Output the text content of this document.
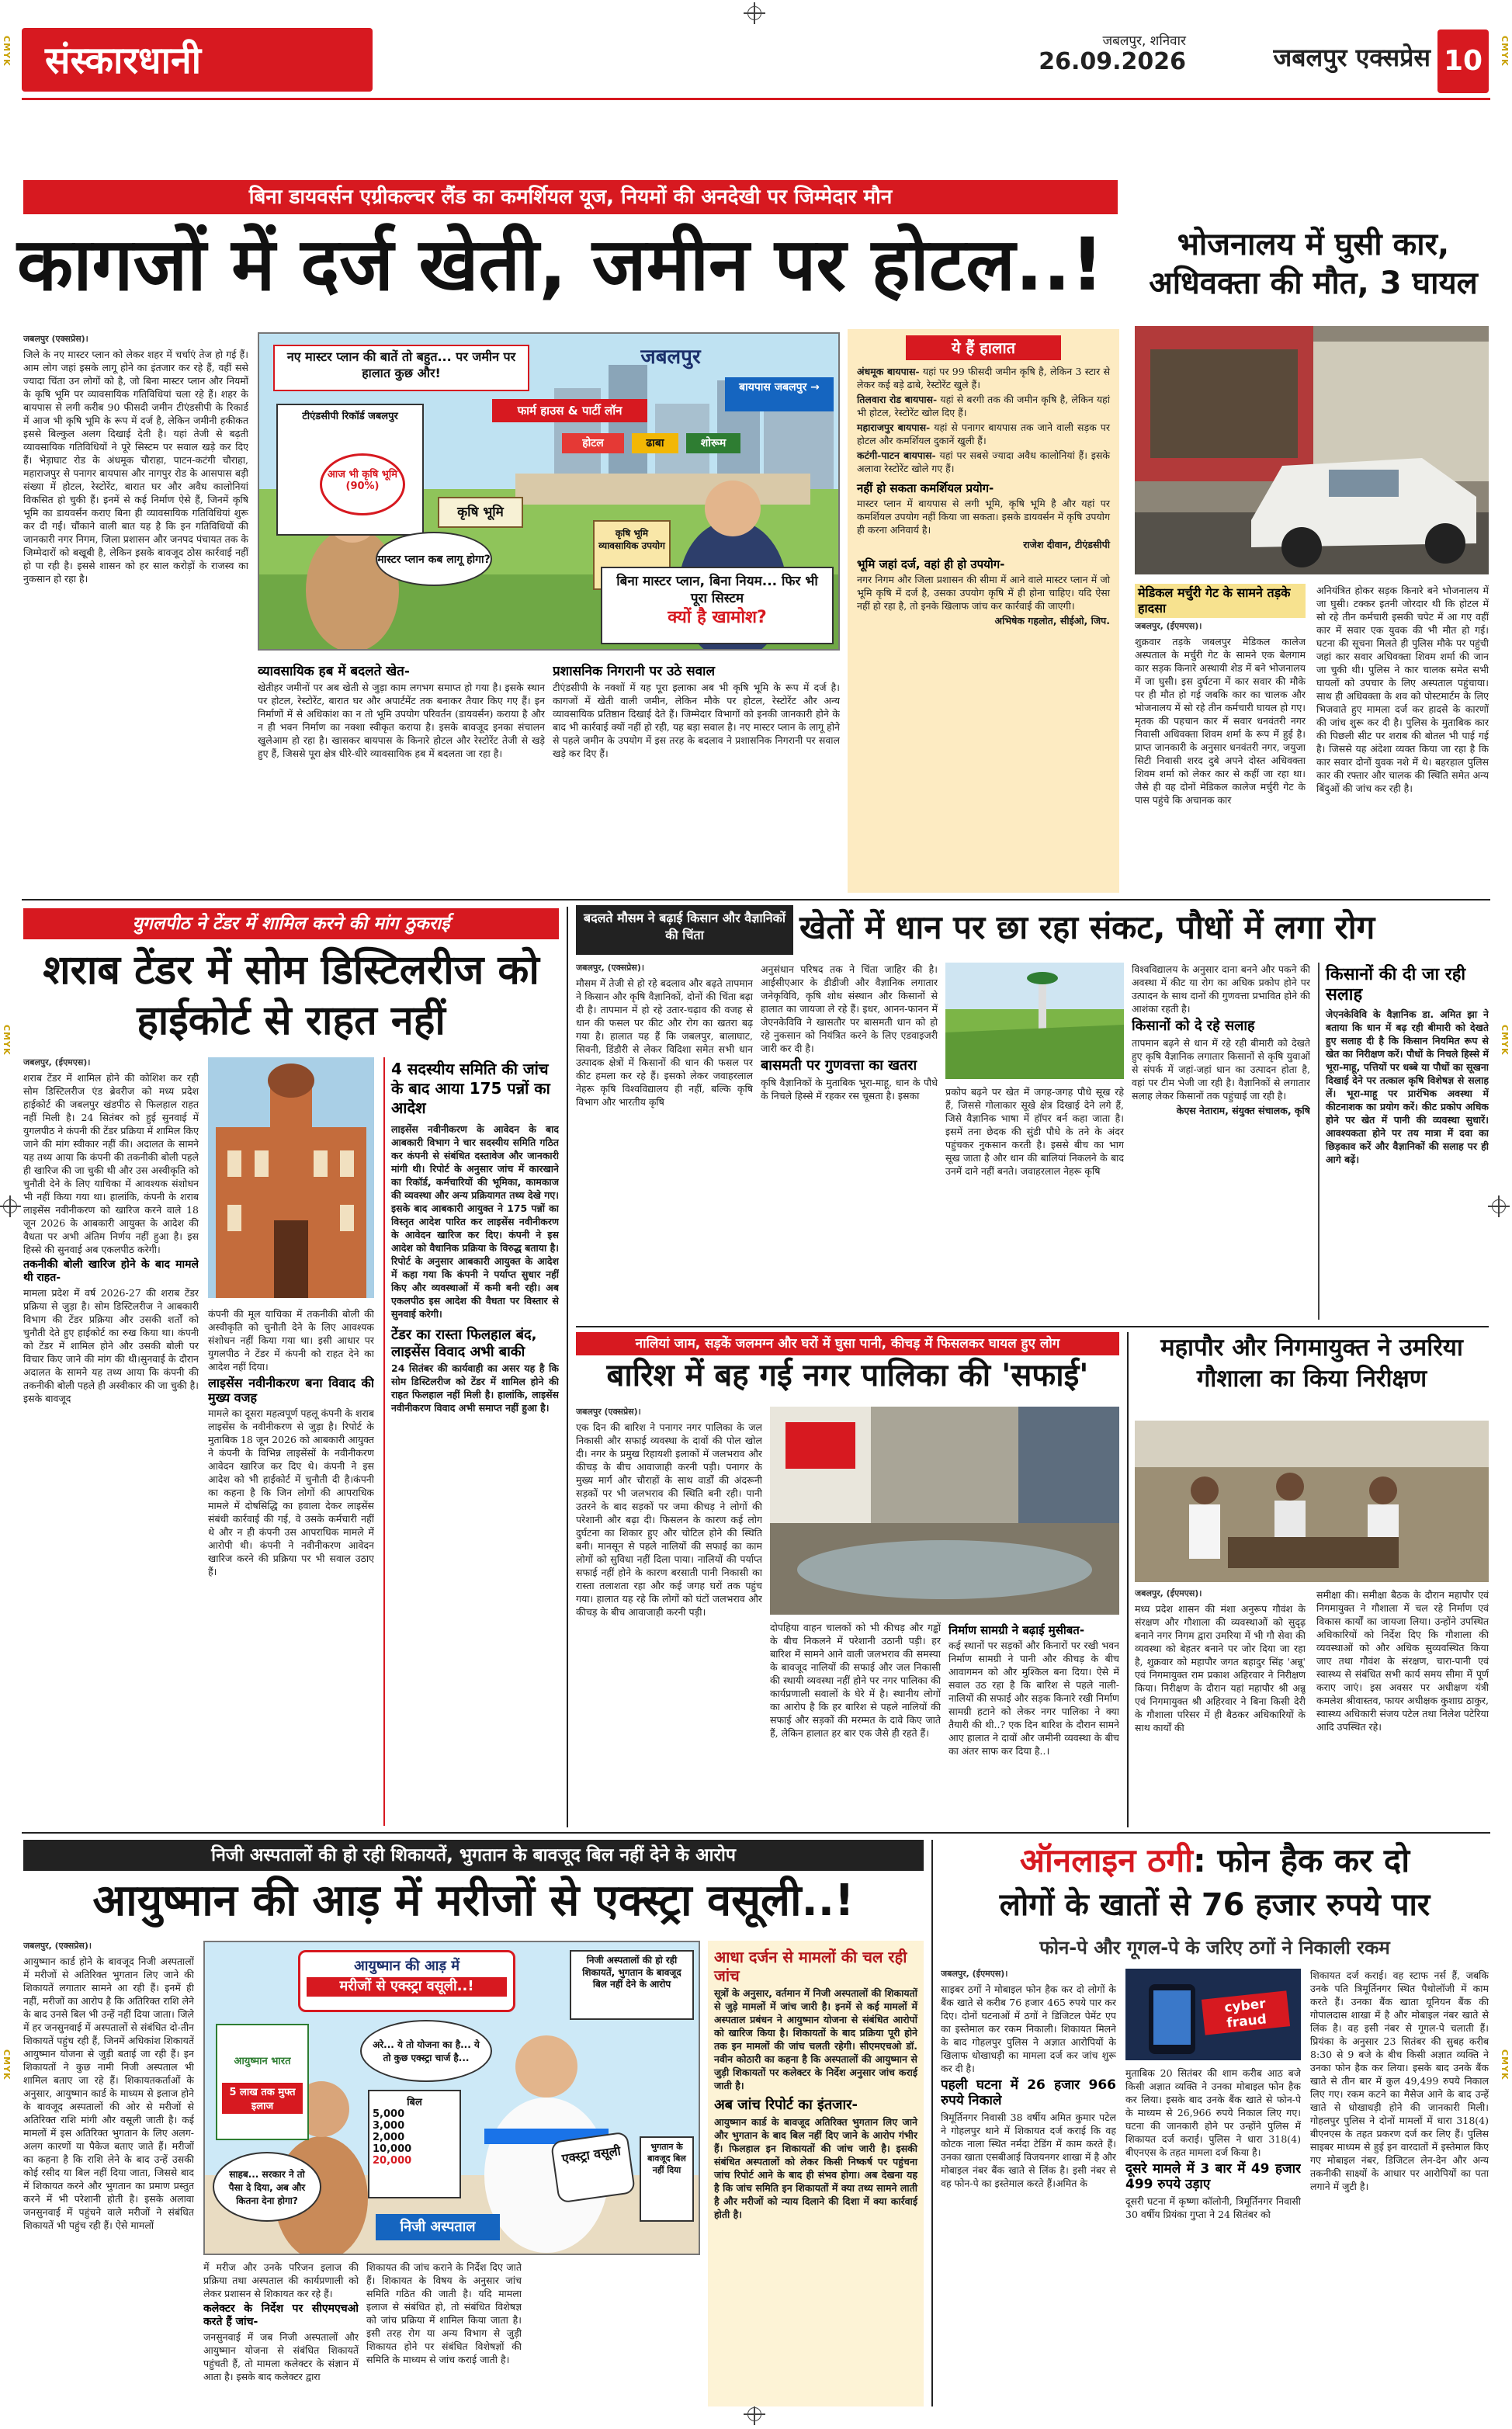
CMYK
CMYK
CMYK
CMYK
CMYK
CMYK
संस्कारधानी	जबलपुर, शनिवार
26.09.2026	जबलपुर एक्सप्रेस 10
बिना डायवर्सन एग्रीकल्चर लैंड का कमर्शियल यूज, नियमों की अनदेखी पर जिम्मेदार मौन
कागजों में दर्ज खेती, जमीन पर होटल..!
जबलपुर (एक्सप्रेस)।

जिले के नए मास्टर प्लान को लेकर शहर में चर्चाएं तेज हो गई हैं। आम लोग जहां इसके लागू होने का इंतजार कर रहे हैं, वहीं ससे ज्यादा चिंता उन लोगों को है, जो बिना मास्टर प्लान और नियमों के कृषि भूमि पर व्यावसायिक गतिविधियां चला रहे हैं। शहर के बायपास से लगी करीब 90 फीसदी जमीन टीएंडसीपी के रिकार्ड में आज भी कृषि भूमि के रूप में दर्ज है, लेकिन जमीनी हकीकत इससे बिल्कुल अलग दिखाई देती है। यहां तेजी से बढ़ती व्यावसायिक गतिविधियों ने पूरे सिस्टम पर सवाल खड़े कर दिए हैं। भेड़ाघाट रोड के अंधमूक चौराहा, पाटन-कटंगी चौराहा, महाराजपुर से पनागर बायपास और नागपुर रोड के आसपास बड़ी संख्या में होटल, रेस्टोरेंट, बारात घर और अवैध कालोनियां विकसित हो चुकी हैं। इनमें से कई निर्माण ऐसे हैं, जिनमें कृषि भूमि का डायवर्सन कराए बिना ही व्यावसायिक गतिविधियां शुरू कर दी गईं। चौंकाने वाली बात यह है कि इन गतिविधियों की जानकारी नगर निगम, जिला प्रशासन और जनपद पंचायत तक के जिम्मेदारों को बखूबी है, लेकिन इसके बावजूद ठोस कार्रवाई नहीं हो पा रही है। इससे शासन को हर साल करोड़ों के राजस्व का नुकसान हो रहा है।

नए मास्टर प्लान की बातें तो बहुत... पर जमीन पर हालात कुछ और!
जबलपुर
फार्म हाउस & पार्टी लॉन
होटल	ढाबा	शोरूम
बायपास जबलपुर →
टीएंडसीपी रिकॉर्ड जबलपुर
आज भी कृषि भूमि (90%)
कृषि भूमि
कृषि भूमि व्यावसायिक उपयोग
मास्टर प्लान कब लागू होगा?
बिना मास्टर प्लान, बिना नियम... फिर भी पूरा सिस्टम
क्यों है खामोश?
व्यावसायिक हब में बदलते खेत-

खेतीहर जमीनों पर अब खेती से जुड़ा काम लगभग समाप्त हो गया है। इसके स्थान पर होटल, रेस्टोरेंट, बारात घर और अपार्टमेंट तक बनाकर तैयार किए गए हैं। इन निर्माणों में से अधिकांश का न तो भूमि उपयोग परिवर्तन (डायवर्सन) कराया है और न ही भवन निर्माण का नक्शा स्वीकृत कराया है। इसके बावजूद इनका संचालन खुलेआम हो रहा है। खासकर बायपास के किनारे होटल और रेस्टोरेंट तेजी से खड़े हुए हैं, जिससे पूरा क्षेत्र धीरे-धीरे व्यावसायिक हब में बदलता जा रहा है।

प्रशासनिक निगरानी पर उठे सवाल

टीएंडसीपी के नक्शों में यह पूरा इलाका अब भी कृषि भूमि के रूप में दर्ज है। कागजों में खेती वाली जमीन, लेकिन मौके पर होटल, रेस्टोरेंट और अन्य व्यावसायिक प्रतिष्ठान दिखाई देते हैं। जिम्मेदार विभागों को इनकी जानकारी होने के बाद भी कार्रवाई क्यों नहीं हो रही, यह बड़ा सवाल है। नए मास्टर प्लान के लागू होने से पहले जमीन के उपयोग में इस तरह के बदलाव ने प्रशासनिक निगरानी पर सवाल खड़े कर दिए हैं।

ये हैं हालात

अंधमूक बायपास- यहां पर 99 फीसदी जमीन कृषि है, लेकिन 3 स्टार से लेकर कई बड़े ढाबे, रेस्टोरेंट खुले हैं।

तिलवारा रोड बायपास- यहां से बरगी तक की जमीन कृषि है, लेकिन यहां भी होटल, रेस्टोरेंट खोल दिए हैं।

महाराजपुर बायपास- यहां से पनागर बायपास तक जाने वाली सड़क पर होटल और कमर्शियल दुकानें खुली हैं।

कटंगी-पाटन बायपास- यहां पर सबसे ज्यादा अवैध कालोनियां हैं। इसके अलावा रेस्टोरेंट खोले गए हैं।

नहीं हो सकता कमर्शियल प्रयोग-

मास्टर प्लान में बायपास से लगी भूमि, कृषि भूमि है और यहां पर कमर्शियल उपयोग नहीं किया जा सकता। इसके डायवर्सन में कृषि उपयोग ही करना अनिवार्य है।

राजेश दीवान, टीएंडसीपी

भूमि जहां दर्ज, वहां ही हो उपयोग-

नगर निगम और जिला प्रशासन की सीमा में आने वाले मास्टर प्लान में जो भूमि कृषि में दर्ज है, उसका उपयोग कृषि में ही होना चाहिए। यदि ऐसा नहीं हो रहा है, तो इनके खिलाफ जांच कर कार्रवाई की जाएगी।

अभिषेक गहलोत, सीईओ, जिप.

भोजनालय में घुसी कार, अधिवक्ता की मौत, 3 घायल
मेडिकल मर्चुरी गेट के सामने तड़के हादसा
जबलपुर, (ईएमएस)।

शुक्रवार तड़के जबलपुर मेडिकल कालेज अस्पताल के मर्चुरी गेट के सामने एक बेलगाम कार सड़क किनारे अस्थायी शेड में बने भोजनालय में जा घुसी। इस दुर्घटना में कार सवार की मौके पर ही मौत हो गई जबकि कार का चालक और भोजनालय में सो रहे तीन कर्मचारी घायल हो गए। मृतक की पहचान कार में सवार धनवंतरी नगर निवासी अधिवक्ता शिवम शर्मा के रूप में हुई है। प्राप्त जानकारी के अनुसार धनवंतरी नगर, जयुजा सिटी निवासी शरद दुबे अपने दोस्त अधिवक्ता शिवम शर्मा को लेकर कार से कहीं जा रहा था। जैसे ही वह दोनों मेडिकल कालेज मर्चुरी गेट के पास पहुंचे कि अचानक कार

अनियंत्रित होकर सड़क किनारे बने भोजनालय में जा घुसी। टक्कर इतनी जोरदार थी कि होटल में सो रहे तीन कर्मचारी इसकी चपेट में आ गए वहीं कार में सवार एक युवक की भी मौत हो गई। घटना की सूचना मिलते ही पुलिस मौके पर पहुंची जहां कार सवार अधिवक्ता शिवम शर्मा की जान जा चुकी थी। पुलिस ने कार चालक समेत सभी घायलों को उपचार के लिए अस्पताल पहुंचाया। साथ ही अधिवक्ता के शव को पोस्टमार्टम के लिए भिजवाते हुए मामला दर्ज कर हादसे के कारणों की जांच शुरू कर दी है। पुलिस के मुताबिक कार की पिछली सीट पर शराब की बोतल भी पाई गई है। जिससे यह अंदेशा व्यक्त किया जा रहा है कि कार सवार दोनों युवक नशे में थे। बहरहाल पुलिस कार की रफ्तार और चालक की स्थिति समेत अन्य बिंदुओं की जांच कर रही है।

युगलपीठ ने टेंडर में शामिल करने की मांग ठुकराई
शराब टेंडर में सोम डिस्टिलरीज को हाईकोर्ट से राहत नहीं
जबलपुर, (ईएमएस)।

शराब टेंडर में शामिल होने की कोशिश कर रही सोम डिस्टिलरीज एंड ब्रेवरीज को मध्य प्रदेश हाईकोर्ट की जबलपुर खंडपीठ से फिलहाल राहत नहीं मिली है। 24 सितंबर को हुई सुनवाई में युगलपीठ ने कंपनी की टेंडर प्रक्रिया में शामिल किए जाने की मांग स्वीकार नहीं की। अदालत के सामने यह तथ्य आया कि कंपनी की तकनीकी बोली पहले ही खारिज की जा चुकी थी और उस अस्वीकृति को चुनौती देने के लिए याचिका में आवश्यक संशोधन भी नहीं किया गया था। हालांकि, कंपनी के शराब लाइसेंस नवीनीकरण को खारिज करने वाले 18 जून 2026 के आबकारी आयुक्त के आदेश की वैधता पर अभी अंतिम निर्णय नहीं हुआ है। इस हिस्से की सुनवाई अब एकलपीठ करेगी।

तकनीकी बोली खारिज होने के बाद मामले थी राहत-

मामला प्रदेश में वर्ष 2026-27 की शराब टेंडर प्रक्रिया से जुड़ा है। सोम डिस्टिलरीज ने आबकारी विभाग की टेंडर प्रक्रिया और उसकी शर्तों को चुनौती देते हुए हाईकोर्ट का रुख किया था। कंपनी को टेंडर में शामिल होने और उसकी बोली पर विचार किए जाने की मांग की थी।सुनवाई के दौरान अदालत के सामने यह तथ्य आया कि कंपनी की तकनीकी बोली पहले ही अस्वीकार की जा चुकी है। इसके बावजूद

कंपनी की मूल याचिका में तकनीकी बोली की अस्वीकृति को चुनौती देने के लिए आवश्यक संशोधन नहीं किया गया था। इसी आधार पर युगलपीठ ने टेंडर में कंपनी को राहत देने का आदेश नहीं दिया।

लाइसेंस नवीनीकरण बना विवाद की मुख्य वजह

मामले का दूसरा महत्वपूर्ण पहलू कंपनी के शराब लाइसेंस के नवीनीकरण से जुड़ा है। रिपोर्ट के मुताबिक 18 जून 2026 को आबकारी आयुक्त ने कंपनी के विभिन्न लाइसेंसों के नवीनीकरण आवेदन खारिज कर दिए थे। कंपनी ने इस आदेश को भी हाईकोर्ट में चुनौती दी है।कंपनी का कहना है कि जिन लोगों की आपराधिक मामले में दोषसिद्धि का हवाला देकर लाइसेंस संबंधी कार्रवाई की गई, वे उसके कर्मचारी नहीं थे और न ही कंपनी उस आपराधिक मामले में आरोपी थी। कंपनी ने नवीनीकरण आवेदन खारिज करने की प्रक्रिया पर भी सवाल उठाए हैं।

4 सदस्यीय समिति की जांच के बाद आया 175 पन्नों का आदेश

लाइसेंस नवीनीकरण के आवेदन के बाद आबकारी विभाग ने चार सदस्यीय समिति गठित कर कंपनी से संबंधित दस्तावेज और जानकारी मांगी थी। रिपोर्ट के अनुसार जांच में कारखाने का रिकॉर्ड, कर्मचारियों की भूमिका, कामकाज की व्यवस्था और अन्य प्रक्रियागत तथ्य देखे गए। इसके बाद आबकारी आयुक्त ने 175 पन्नों का विस्तृत आदेश पारित कर लाइसेंस नवीनीकरण के आवेदन खारिज कर दिए। कंपनी ने इस आदेश को वैधानिक प्रक्रिया के विरुद्ध बताया है। रिपोर्ट के अनुसार आबकारी आयुक्त के आदेश में कहा गया कि कंपनी ने पर्याप्त सुधार नहीं किए और व्यवस्थाओं में कमी बनी रही। अब एकलपीठ इस आदेश की वैधता पर विस्तार से सुनवाई करेगी।

टेंडर का रास्ता फिलहाल बंद, लाइसेंस विवाद अभी बाकी

24 सितंबर की कार्यवाही का असर यह है कि सोम डिस्टिलरीज को टेंडर में शामिल होने की राहत फिलहाल नहीं मिली है। हालांकि, लाइसेंस नवीनीकरण विवाद अभी समाप्त नहीं हुआ है।

बदलते मौसम ने बढ़ाई किसान और वैज्ञानिकों की चिंता	खेतों में धान पर छा रहा संकट, पौधों में लगा रोग
जबलपुर, (एक्सप्रेस)।

मौसम में तेजी से हो रहे बदलाव और बढ़ते तापमान ने किसान और कृषि वैज्ञानिकों, दोनों की चिंता बढ़ा दी है। तापमान में हो रहे उतार-चढ़ाव की वजह से धान की फसल पर कीट और रोग का खतरा बढ़ गया है। हालात यह हैं कि जबलपुर, बालाघाट, सिवनी, डिंडौरी से लेकर विदिशा समेत सभी धान उत्पादक क्षेत्रों में किसानों की धान की फसल पर कीट हमला कर रहे हैं। इसको लेकर जवाहरलाल नेहरू कृषि विश्वविद्यालय ही नहीं, बल्कि कृषि विभाग और भारतीय कृषि

अनुसंधान परिषद तक ने चिंता जाहिर की है। आईसीएआर के डीडीजी और वैज्ञानिक लगातार जनेकृविवि, कृषि शोध संस्थान और किसानों से हालात का जायजा ले रहे हैं। इधर, आनन-फानन में जेएनकेविवि ने खासतौर पर बासमती धान को हो रहे नुकसान को नियंत्रित करने के लिए एडवाइजरी जारी कर दी है।

बासमती पर गुणवत्ता का खतरा

कृषि वैज्ञानिकों के मुताबिक भूरा-माहू, धान के पौधे के निचले हिस्से में रहकर रस चूसता है। इसका	प्रकोप बढ़ने पर खेत में जगह-जगह पौधे सूख रहे हैं, जिससे गोलाकार सूखे क्षेत्र दिखाई देने लगे हैं, जिसे वैज्ञानिक भाषा में हॉपर बर्न कहा जाता है। इसमें तना छेदक की सुंडी पौधे के तने के अंदर पहुंचकर नुकसान करती है। इससे बीच का भाग सूख जाता है और धान की बालियां निकलने के बाद उनमें दाने नहीं बनते। जवाहरलाल नेहरू कृषि

विश्वविद्यालय के अनुसार दाना बनने और पकने की अवस्था में कीट या रोग का अधिक प्रकोप होने पर उत्पादन के साथ दानों की गुणवत्ता प्रभावित होने की आशंका रहती है।

किसानों को दे रहे सलाह

तापमान बढ़ने से धान में रहे रही बीमारी को देखते हुए कृषि वैज्ञानिक लगातार किसानों से कृषि युवाओं से संपर्क में जहां-जहां धान का उत्पादन होता है, वहां पर टीम भेजी जा रही है। वैज्ञानिकों से लगातार सलाह लेकर किसानों तक पहुंचाई जा रही है।

केएस नेताराम, संयुक्त संचालक, कृषि

किसानों की दी जा रही सलाह

जेएनकेविवि के वैज्ञानिक डा. अमित झा ने बताया कि धान में बढ़ रही बीमारी को देखते हुए सलाह दी है कि किसान नियमित रूप से खेत का निरीक्षण करें। पौधों के निचले हिस्से में भूरा-माहू, पत्तियों पर धब्बे या पौधों का सूखना दिखाई देने पर तत्काल कृषि विशेषज्ञ से सलाह लें। भूरा-माहू पर प्रारंभिक अवस्था में कीटनाशक का प्रयोग करें। कीट प्रकोप अधिक होने पर खेत में पानी की व्यवस्था सुधारें। आवश्यकता होने पर तय मात्रा में दवा का छिड़काव करें और वैज्ञानिकों की सलाह पर ही आगे बढ़ें।

नालियां जाम, सड़कें जलमग्न और घरों में घुसा पानी, कीचड़ में फिसलकर घायल हुए लोग
बारिश में बह गई नगर पालिका की 'सफाई'
जबलपुर (एक्सप्रेस)।

एक दिन की बारिश ने पनागर नगर पालिका के जल निकासी और सफाई व्यवस्था के दावों की पोल खोल दी। नगर के प्रमुख रिहायशी इलाकों में जलभराव और कीचड़ के बीच आवाजाही करनी पड़ी। पनागर के मुख्य मार्ग और चौराहों के साथ वार्डों की अंदरूनी सड़कों पर भी जलभराव की स्थिति बनी रही। पानी उतरने के बाद सड़कों पर जमा कीचड़ ने लोगों की परेशानी और बढ़ा दी। फिसलन के कारण कई लोग दुर्घटना का शिकार हुए और चोटिल होने की स्थिति बनी। मानसून से पहले नालियों की सफाई का काम लोगों को सुविधा नहीं दिला पाया। नालियों की पर्याप्त सफाई नहीं होने के कारण बरसाती पानी निकासी का रास्ता तलाशता रहा और कई जगह घरों तक पहुंच गया। हालात यह रहे कि लोगों को घंटों जलभराव और कीचड़ के बीच आवाजाही करनी पड़ी।

दोपहिया वाहन चालकों को भी कीचड़ और गड्ढों के बीच निकलने में परेशानी उठानी पड़ी। हर बारिश में सामने आने वाली जलभराव की समस्या के बावजूद नालियों की सफाई और जल निकासी की स्थायी व्यवस्था नहीं होने पर नगर पालिका की कार्यप्रणाली सवालों के घेरे में है। स्थानीय लोगों का आरोप है कि हर बारिश से पहले नालियों की सफाई और सड़कों की मरम्मत के दावे किए जाते हैं, लेकिन हालात हर बार एक जैसे ही रहते हैं।

निर्माण सामग्री ने बढ़ाई मुसीबत-

कई स्थानों पर सड़कों और किनारों पर रखी भवन निर्माण सामग्री ने पानी और कीचड़ के बीच आवागमन को और मुश्किल बना दिया। ऐसे में सवाल उठ रहा है कि बारिश से पहले नाली-नालियों की सफाई और सड़क किनारे रखी निर्माण सामग्री हटाने को लेकर नगर पालिका ने क्या तैयारी की थी..? एक दिन बारिश के दौरान सामने आए हालात ने दावों और जमीनी व्यवस्था के बीच का अंतर साफ कर दिया है..।

महापौर और निगमायुक्त ने उमरिया गौशाला का किया निरीक्षण
जबलपुर, (ईएमएस)।

मध्य प्रदेश शासन की मंशा अनुरूप गौवंश के संरक्षण और गौशाला की व्यवस्थाओं को सुदृढ़ बनाने नगर निगम द्वारा उमरिया में भी गौ सेवा की व्यवस्था को बेहतर बनाने पर जोर दिया जा रहा है, शुक्रवार को महापौर जगत बहादुर सिंह 'अन्नू' एवं निगमायुक्त राम प्रकाश अहिरवार ने निरीक्षण किया। निरीक्षण के दौरान यहां महापौर श्री अन्नू एवं निगमायुक्त श्री अहिरवार ने बिना किसी देरी के गौशाला परिसर में ही बैठकर अधिकारियों के साथ कार्यों की

समीक्षा की। समीक्षा बैठक के दौरान महापौर एवं निगमायुक्त ने गौशाला में चल रहे निर्माण एवं विकास कार्यों का जायजा लिया। उन्होंने उपस्थित अधिकारियों को निर्देश दिए कि गौशाला की व्यवस्थाओं को और अधिक सुव्यवस्थित किया जाए तथा गौवंश के संरक्षण, चारा-पानी एवं स्वास्थ्य से संबंधित सभी कार्य समय सीमा में पूर्ण कराए जाएं। इस अवसर पर अधीक्षण यंत्री कमलेश श्रीवास्तव, फायर अधीक्षक कुशाग्र ठाकुर, स्वास्थ्य अधिकारी संजय पटेल तथा निलेश पटेरिया आदि उपस्थित रहे।

निजी अस्पतालों की हो रही शिकायतें, भुगतान के बावजूद बिल नहीं देने के आरोप
आयुष्मान की आड़ में मरीजों से एक्स्ट्रा वसूली..!
जबलपुर, (एक्सप्रेस)।

आयुष्मान कार्ड होने के बावजूद निजी अस्पतालों में मरीजों से अतिरिक्त भुगतान लिए जाने की शिकायतें लगातार सामने आ रही हैं। इनमें ही नहीं, मरीजों का आरोप है कि अतिरिक्त राशि लेने के बाद उनसे बिल भी उन्हें नहीं दिया जाता। जिले में हर जनसुनवाई में अस्पतालों से संबंधित दो-तीन शिकायतें पहुंच रही हैं, जिनमें अधिकांश शिकायतें आयुष्मान योजना से जुड़ी बताई जा रही हैं। इन शिकायतों ने कुछ नामी निजी अस्पताल भी शामिल बताए जा रहे हैं। शिकायतकर्ताओं के अनुसार, आयुष्मान कार्ड के माध्यम से इलाज होने के बावजूद अस्पतालों की ओर से मरीजों से अतिरिक्त राशि मांगी और वसूली जाती है। कई मामलों में इस अतिरिक्त भुगतान के लिए अलग-अलग कारणों या पैकेज बताए जाते हैं। मरीजों का कहना है कि राशि लेने के बाद उन्हें उसकी कोई रसीद या बिल नहीं दिया जाता, जिससे बाद में शिकायत करने और भुगतान का प्रमाण प्रस्तुत करने में भी परेशानी होती है। इसके अलावा जनसुनवाई में पहुंचने वाले मरीजों ने संबंधित शिकायतें भी पहुंच रही हैं। ऐसे मामलों

आयुष्मान की आड़ में
मरीजों से एक्स्ट्रा वसूली..!
निजी अस्पतालों की हो रही शिकायतें, भुगतान के बावजूद बिल नहीं देने के आरोप
आयुष्मान भारत
5 लाख तक मुफ्त इलाज
अरे... ये तो योजना का है... ये तो कुछ एक्स्ट्रा चार्ज है...
साहब... सरकार ने तो पैसा दे दिया, अब और कितना देना होगा?
बिल
5,000
3,000
2,000
10,000
20,000	एक्स्ट्रा वसूली	भुगतान के बावजूद बिल नहीं दिया
निजी अस्पताल

में मरीज और उनके परिजन इलाज की प्रक्रिया तथा अस्पताल की कार्यप्रणाली को लेकर प्रशासन से शिकायत कर रहे हैं।

कलेक्टर के निर्देश पर सीएमएचओ करते हैं जांच-

जनसुनवाई में जब निजी अस्पतालों और आयुष्मान योजना से संबंधित शिकायतें पहुंचती हैं, तो मामला कलेक्टर के संज्ञान में आता है। इसके बाद कलेक्टर द्वारा

शिकायत की जांच कराने के निर्देश दिए जाते हैं। शिकायत के विषय के अनुसार जांच समिति गठित की जाती है। यदि मामला इलाज से संबंधित हो, तो संबंधित विशेषज्ञ को जांच प्रक्रिया में शामिल किया जाता है। इसी तरह रोग या अन्य विभाग से जुड़ी शिकायत होने पर संबंधित विशेषज्ञों की समिति के माध्यम से जांच कराई जाती है।

आधा दर्जन से मामलों की चल रही जांच

सूत्रों के अनुसार, वर्तमान में निजी अस्पतालों की शिकायतों से जुड़े मामलों में जांच जारी है। इनमें से कई मामलों में अस्पताल प्रबंधन ने आयुष्मान योजना से संबंधित आरोपों को खारिज किया है। शिकायतों के बाद प्रक्रिया पूरी होने तक इन मामलों की जांच चलती रहेगी। सीएमएचओ डॉ. नवीन कोठारी का कहना है कि अस्पतालों की आयुष्मान से जुड़ी शिकायतों पर कलेक्टर के निर्देश अनुसार जांच कराई जाती है।

अब जांच रिपोर्ट का इंतजार-

आयुष्मान कार्ड के बावजूद अतिरिक्त भुगतान लिए जाने और भुगतान के बाद बिल नहीं दिए जाने के आरोप गंभीर हैं। फिलहाल इन शिकायतों की जांच जारी है। इसकी संबंधित अस्पतालों को लेकर किसी निष्कर्ष पर पहुंचना जांच रिपोर्ट आने के बाद ही संभव होगा। अब देखना यह है कि जांच समिति इन शिकायतों में क्या तथ्य सामने लाती है और मरीजों को न्याय दिलाने की दिशा में क्या कार्रवाई होती है।

ऑनलाइन ठगी: फोन हैक कर दो
लोगों के खातों से 76 हजार रुपये पार
फोन-पे और गूगल-पे के जरिए ठगों ने निकाली रकम
जबलपुर, (ईएमएस)।

साइबर ठगों ने मोबाइल फोन हैक कर दो लोगों के बैंक खाते से करीब 76 हजार 465 रुपये पार कर दिए। दोनों घटनाओं में ठगों ने डिजिटल पेमेंट एप का इस्तेमाल कर रकम निकाली। शिकायत मिलने के बाद गोहलपुर पुलिस ने अज्ञात आरोपियों के खिलाफ धोखाधड़ी का मामला दर्ज कर जांच शुरू कर दी है।

पहली घटना में 26 हजार 966 रुपये निकाले

त्रिमूर्तिनगर निवासी 38 वर्षीय अमित कुमार पटेल ने गोहलपुर थाने में शिकायत दर्ज कराई कि वह कोटक नाला स्थित नर्मदा टेडिंग में काम करते हैं। उनका खाता एसबीआई विजयनगर शाखा में है और मोबाइल नंबर बैंक खाते से लिंक है। इसी नंबर से वह फोन-पे का इस्तेमाल करते हैं।अमित के

cyber fraud

मुताबिक 20 सितंबर की शाम करीब आठ बजे किसी अज्ञात व्यक्ति ने उनका मोबाइल फोन हैक कर लिया। इसके बाद उनके बैंक खाते से फोन-पे के माध्यम से 26,966 रुपये निकाल लिए गए। घटना की जानकारी होने पर उन्होंने पुलिस में शिकायत दर्ज कराई। पुलिस ने धारा 318(4) बीएनएस के तहत मामला दर्ज किया है।

दूसरे मामले में 3 बार में 49 हजार 499 रुपये उड़ाए

दूसरी घटना में कृष्णा कॉलोनी, त्रिमूर्तिनगर निवासी 30 वर्षीय प्रियंका गुप्ता ने 24 सितंबर को

शिकायत दर्ज कराई। वह स्टाफ नर्स हैं, जबकि उनके पति त्रिमूर्तिनगर स्थित पैथोलॉजी में काम करते हैं। उनका बैंक खाता यूनियन बैंक की गोपालदास शाखा में है और मोबाइल नंबर खाते से लिंक है। वह इसी नंबर से गूगल-पे चलाती हैं। प्रियंका के अनुसार 23 सितंबर की सुबह करीब 8:30 से 9 बजे के बीच किसी अज्ञात व्यक्ति ने उनका फोन हैक कर लिया। इसके बाद उनके बैंक खाते से तीन बार में कुल 49,499 रुपये निकाल लिए गए। रकम कटने का मैसेज आने के बाद उन्हें खाते से धोखाधड़ी होने की जानकारी मिली। गोहलपुर पुलिस ने दोनों मामलों में धारा 318(4) बीएनएस के तहत प्रकरण दर्ज कर लिए हैं। पुलिस साइबर माध्यम से हुई इन वारदातों में इस्तेमाल किए गए मोबाइल नंबर, डिजिटल लेन-देन और अन्य तकनीकी साक्ष्यों के आधार पर आरोपियों का पता लगाने में जुटी है।
